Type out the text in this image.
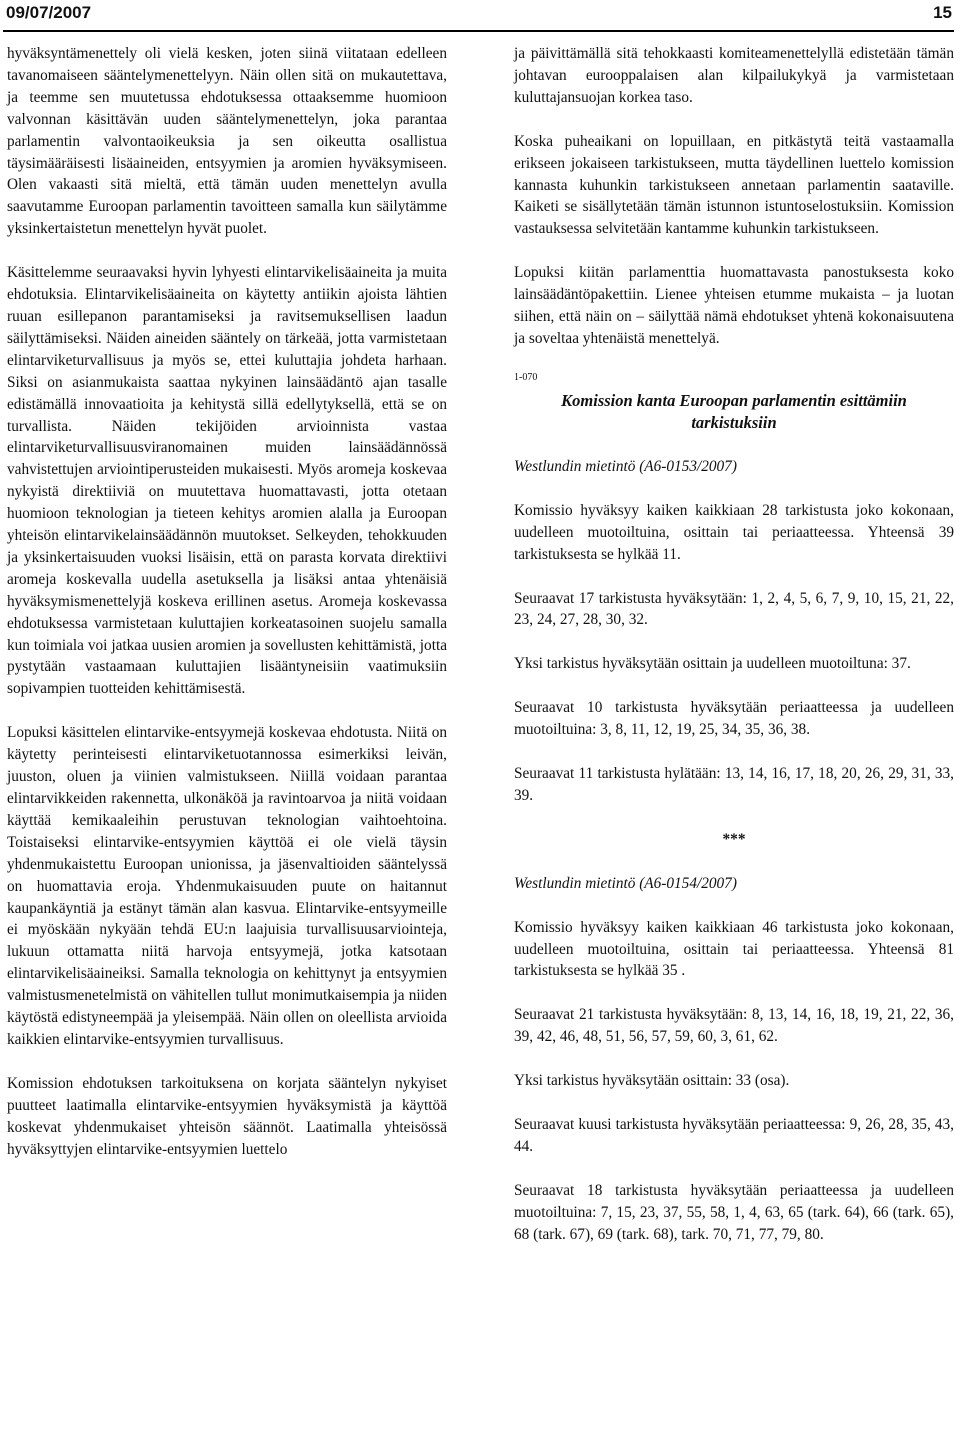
09/07/2007	15

hyväksyntämenettely oli vielä kesken, joten siinä viitataan edelleen tavanomaiseen sääntelymenettelyyn. Näin ollen sitä on mukautettava, ja teemme sen muutetussa ehdotuksessa ottaaksemme huomioon valvonnan käsittävän uuden sääntelymenettelyn, joka parantaa parlamentin valvontaoikeuksia ja sen oikeutta osallistua täysimääräisesti lisäaineiden, entsyymien ja aromien hyväksymiseen. Olen vakaasti sitä mieltä, että tämän uuden menettelyn avulla saavutamme Euroopan parlamentin tavoitteen samalla kun säilytämme yksinkertaistetun menettelyn hyvät puolet.

Käsittelemme seuraavaksi hyvin lyhyesti elintarvikelisäaineita ja muita ehdotuksia. Elintarvikelisäaineita on käytetty antiikin ajoista lähtien ruuan esillepanon parantamiseksi ja ravitsemuksellisen laadun säilyttämiseksi. Näiden aineiden sääntely on tärkeää, jotta varmistetaan elintarviketurvallisuus ja myös se, ettei kuluttajia johdeta harhaan. Siksi on asianmukaista saattaa nykyinen lainsäädäntö ajan tasalle edistämällä innovaatioita ja kehitystä sillä edellytyksellä, että se on turvallista. Näiden tekijöiden arvioinnista vastaa elintarviketurvallisuusviranomainen muiden lainsäädännössä vahvistettujen arviointiperusteiden mukaisesti. Myös aromeja koskevaa nykyistä direktiiviä on muutettava huomattavasti, jotta otetaan huomioon teknologian ja tieteen kehitys aromien alalla ja Euroopan yhteisön elintarvikelainsäädännön muutokset. Selkeyden, tehokkuuden ja yksinkertaisuuden vuoksi lisäisin, että on parasta korvata direktiivi aromeja koskevalla uudella asetuksella ja lisäksi antaa yhtenäisiä hyväksymismenettelyjä koskeva erillinen asetus. Aromeja koskevassa ehdotuksessa varmistetaan kuluttajien korkeatasoinen suojelu samalla kun toimiala voi jatkaa uusien aromien ja sovellusten kehittämistä, jotta pystytään vastaamaan kuluttajien lisääntyneisiin vaatimuksiin sopivampien tuotteiden kehittämisestä.

Lopuksi käsittelen elintarvike-entsyymejä koskevaa ehdotusta. Niitä on käytetty perinteisesti elintarviketuotannossa esimerkiksi leivän, juuston, oluen ja viinien valmistukseen. Niillä voidaan parantaa elintarvikkeiden rakennetta, ulkonäköä ja ravintoarvoa ja niitä voidaan käyttää kemikaaleihin perustuvan teknologian vaihtoehtoina. Toistaiseksi elintarvike-entsyymien käyttöä ei ole vielä täysin yhdenmukaistettu Euroopan unionissa, ja jäsenvaltioiden sääntelyssä on huomattavia eroja. Yhdenmukaisuuden puute on haitannut kaupankäyntiä ja estänyt tämän alan kasvua. Elintarvike-entsyymeille ei myöskään nykyään tehdä EU:n laajuisia turvallisuusarviointeja, lukuun ottamatta niitä harvoja entsyymejä, jotka katsotaan elintarvikelisäaineiksi. Samalla teknologia on kehittynyt ja entsyymien valmistusmenetelmistä on vähitellen tullut monimutkaisempia ja niiden käytöstä edistyneempää ja yleisempää. Näin ollen on oleellista arvioida kaikkien elintarvike-entsyymien turvallisuus.

Komission ehdotuksen tarkoituksena on korjata sääntelyn nykyiset puutteet laatimalla elintarvike-entsyymien hyväksymistä ja käyttöä koskevat yhdenmukaiset yhteisön säännöt. Laatimalla yhteisössä hyväksyttyjen elintarvike-entsyymien luettelo

ja päivittämällä sitä tehokkaasti komiteamenettelyllä edistetään tämän johtavan eurooppalaisen alan kilpailukykyä ja varmistetaan kuluttajansuojan korkea taso.

Koska puheaikani on lopuillaan, en pitkästytä teitä vastaamalla erikseen jokaiseen tarkistukseen, mutta täydellinen luettelo komission kannasta kuhunkin tarkistukseen annetaan parlamentin saataville. Kaiketi se sisällytetään tämän istunnon istuntoselostuksiin. Komission vastauksessa selvitetään kantamme kuhunkin tarkistukseen.

Lopuksi kiitän parlamenttia huomattavasta panostuksesta koko lainsäädäntöpakettiin. Lienee yhteisen etumme mukaista – ja luotan siihen, että näin on – säilyttää nämä ehdotukset yhtenä kokonaisuutena ja soveltaa yhtenäistä menettelyä.

1-070

Komission kanta Euroopan parlamentin esittämiin tarkistuksiin

Westlundin mietintö (A6-0153/2007)

Komissio hyväksyy kaiken kaikkiaan 28 tarkistusta joko kokonaan, uudelleen muotoiltuina, osittain tai periaatteessa. Yhteensä 39 tarkistuksesta se hylkää 11.

Seuraavat 17 tarkistusta hyväksytään: 1, 2, 4, 5, 6, 7, 9, 10, 15, 21, 22, 23, 24, 27, 28, 30, 32.

Yksi tarkistus hyväksytään osittain ja uudelleen muotoiltuna: 37.

Seuraavat 10 tarkistusta hyväksytään periaatteessa ja uudelleen muotoiltuina: 3, 8, 11, 12, 19, 25, 34, 35, 36, 38.

Seuraavat 11 tarkistusta hylätään: 13, 14, 16, 17, 18, 20, 26, 29, 31, 33, 39.

***

Westlundin mietintö (A6-0154/2007)

Komissio hyväksyy kaiken kaikkiaan 46 tarkistusta joko kokonaan, uudelleen muotoiltuina, osittain tai periaatteessa. Yhteensä 81 tarkistuksesta se hylkää 35 .

Seuraavat 21 tarkistusta hyväksytään: 8, 13, 14, 16, 18, 19, 21, 22, 36, 39, 42, 46, 48, 51, 56, 57, 59, 60, 3, 61, 62.

Yksi tarkistus hyväksytään osittain: 33 (osa).

Seuraavat kuusi tarkistusta hyväksytään periaatteessa: 9, 26, 28, 35, 43, 44.

Seuraavat 18 tarkistusta hyväksytään periaatteessa ja uudelleen muotoiltuina: 7, 15, 23, 37, 55, 58, 1, 4, 63, 65 (tark. 64), 66 (tark. 65), 68 (tark. 67), 69 (tark. 68), tark. 70, 71, 77, 79, 80.
